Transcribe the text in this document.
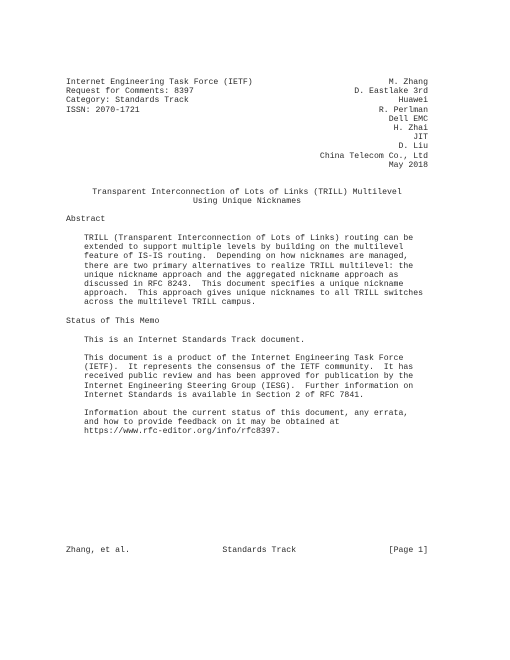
Internet Engineering Task Force (IETF)	M. Zhang
Request for Comments: 8397	D. Eastlake 3rd
Category: Standards Track	Huawei
ISSN: 2070-1721	R. Perlman
Dell EMC
H. Zhai
JIT
D. Liu
China Telecom Co., Ltd
May 2018
Transparent Interconnection of Lots of Links (TRILL) Multilevel
Using Unique Nicknames
Abstract
TRILL (Transparent Interconnection of Lots of Links) routing can be
extended to support multiple levels by building on the multilevel
feature of IS-IS routing.  Depending on how nicknames are managed,
there are two primary alternatives to realize TRILL multilevel: the
unique nickname approach and the aggregated nickname approach as
discussed in RFC 8243.  This document specifies a unique nickname
approach.  This approach gives unique nicknames to all TRILL switches
across the multilevel TRILL campus.
Status of This Memo
This is an Internet Standards Track document.
This document is a product of the Internet Engineering Task Force
(IETF).  It represents the consensus of the IETF community.  It has
received public review and has been approved for publication by the
Internet Engineering Steering Group (IESG).  Further information on
Internet Standards is available in Section 2 of RFC 7841.
Information about the current status of this document, any errata,
and how to provide feedback on it may be obtained at
https://www.rfc-editor.org/info/rfc8397.
Zhang, et al.	Standards Track	[Page 1]
